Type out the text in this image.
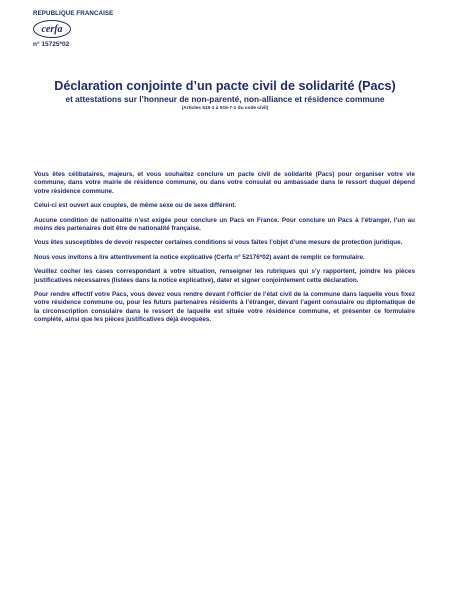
REPUBLIQUE FRANCAISE
cerfa
n° 15725*02
Déclaration conjointe d’un pacte civil de solidarité (Pacs)
et attestations sur l’honneur de non-parenté, non-alliance et résidence commune
(Articles 515-1 à 515-7-1 du code civil)

Vous êtes célibataires, majeurs, et vous souhaitez conclure un pacte civil de solidarité (Pacs) pour organiser votre vie commune, dans votre mairie de résidence commune, ou dans votre consulat ou ambassade dans le ressort duquel dépend votre résidence commune.

Celui-ci est ouvert aux couples, de même sexe ou de sexe différent.

Aucune condition de nationalité n’est exigée pour conclure un Pacs en France. Pour conclure un Pacs à l’étranger, l’un au moins des partenaires doit être de nationalité française.

Vous êtes susceptibles de devoir respecter certaines conditions si vous faites l’objet d’une mesure de protection juridique.

Nous vous invitons à lire attentivement la notice explicative (Cerfa n° 52176*02) avant de remplir ce formulaire.

Veuillez cocher les cases correspondant à votre situation, renseigner les rubriques qui s’y rapportent, joindre les pièces justificatives nécessaires (listées dans la notice explicative), dater et signer conjointement cette déclaration.

Pour rendre effectif votre Pacs, vous devez vous rendre devant l’officier de l’état civil de la commune dans laquelle vous fixez votre résidence commune ou, pour les futurs partenaires résidents à l’étranger, devant l’agent consulaire ou diplomatique de la circonscription consulaire dans le ressort de laquelle est située votre résidence commune, et présenter ce formulaire complété, ainsi que les pièces justificatives déjà évoquées.
